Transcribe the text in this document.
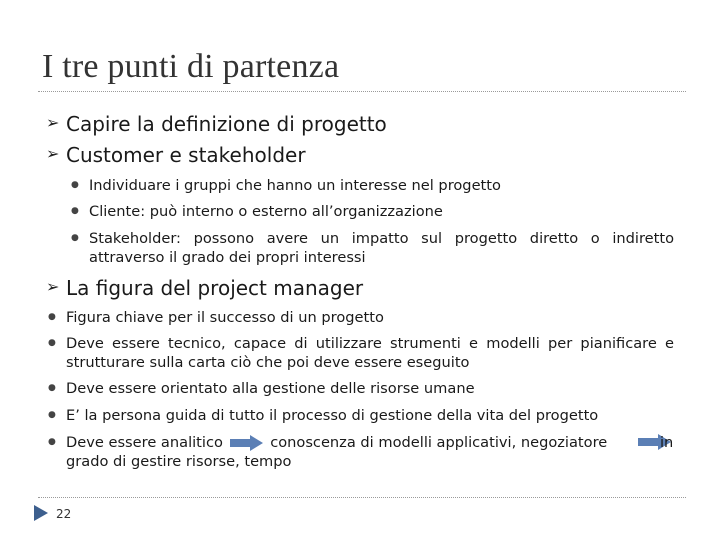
I tre punti di partenza
➢ Capire la definizione di progetto
➢ Customer e stakeholder
● Individuare i gruppi che hanno un interesse nel progetto
● Cliente: può interno o esterno all’organizzazione
● Stakeholder: possono avere un impatto sul progetto diretto o indiretto attraverso il grado dei propri interessi
➢ La figura del project manager
● Figura chiave per il successo di un progetto
● Deve essere tecnico, capace di utilizzare strumenti e modelli per pianificare e strutturare sulla carta ciò che poi deve essere eseguito
● Deve essere orientato alla gestione delle risorse umane
● E’ la persona guida di tutto il processo di gestione della vita del progetto
● Deve essere analitico	conoscenza di modelli applicativi, negoziatore	in
grado di gestire risorse, tempo
22
